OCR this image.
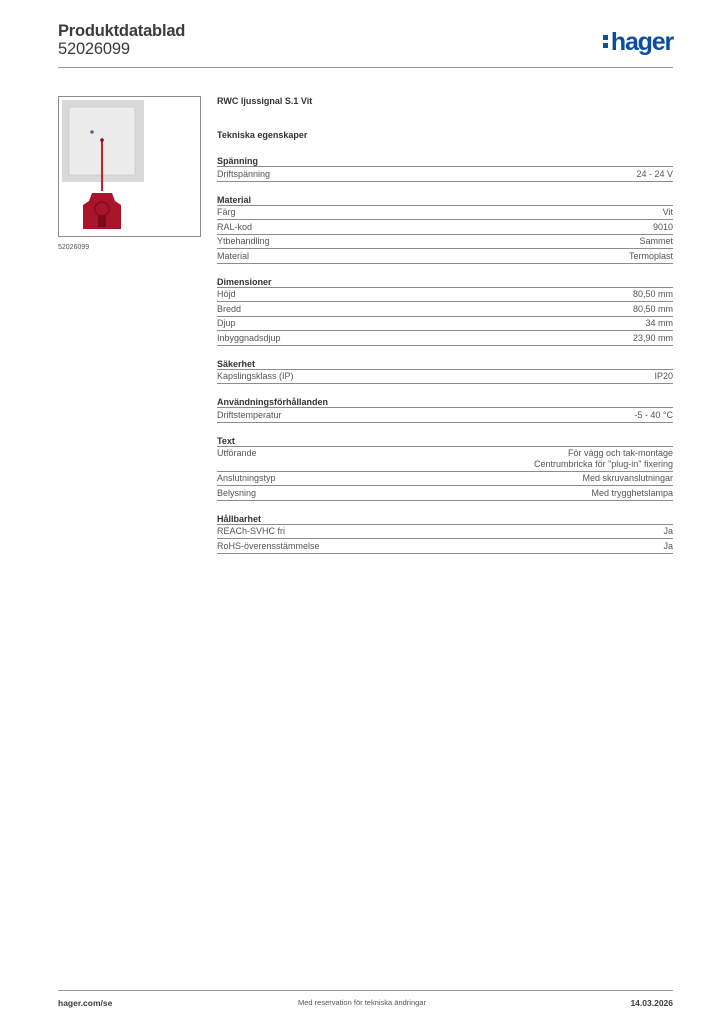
Produktdatablad
52026099	hager
52026099
RWC ljussignal S.1 Vit
Tekniska egenskaper
Spänning
Driftspänning	24 - 24 V
Material
Färg	Vit
RAL-kod	9010
Ytbehandling	Sammet
Material	Termoplast
Dimensioner
Höjd	80,50 mm
Bredd	80,50 mm
Djup	34 mm
Inbyggnadsdjup	23,90 mm
Säkerhet
Kapslingsklass (IP)	IP20
Användningsförhållanden
Driftstemperatur	-5 - 40 °C
Text
Utförande	För vägg och tak-montage
Centrumbricka för "plug-in" fixering
Anslutningstyp	Med skruvanslutningar
Belysning	Med trygghetslampa
Hållbarhet
REACh-SVHC fri	Ja
RoHS-överensstämmelse	Ja
hager.com/se	Med reservation för tekniska ändringar	14.03.2026
